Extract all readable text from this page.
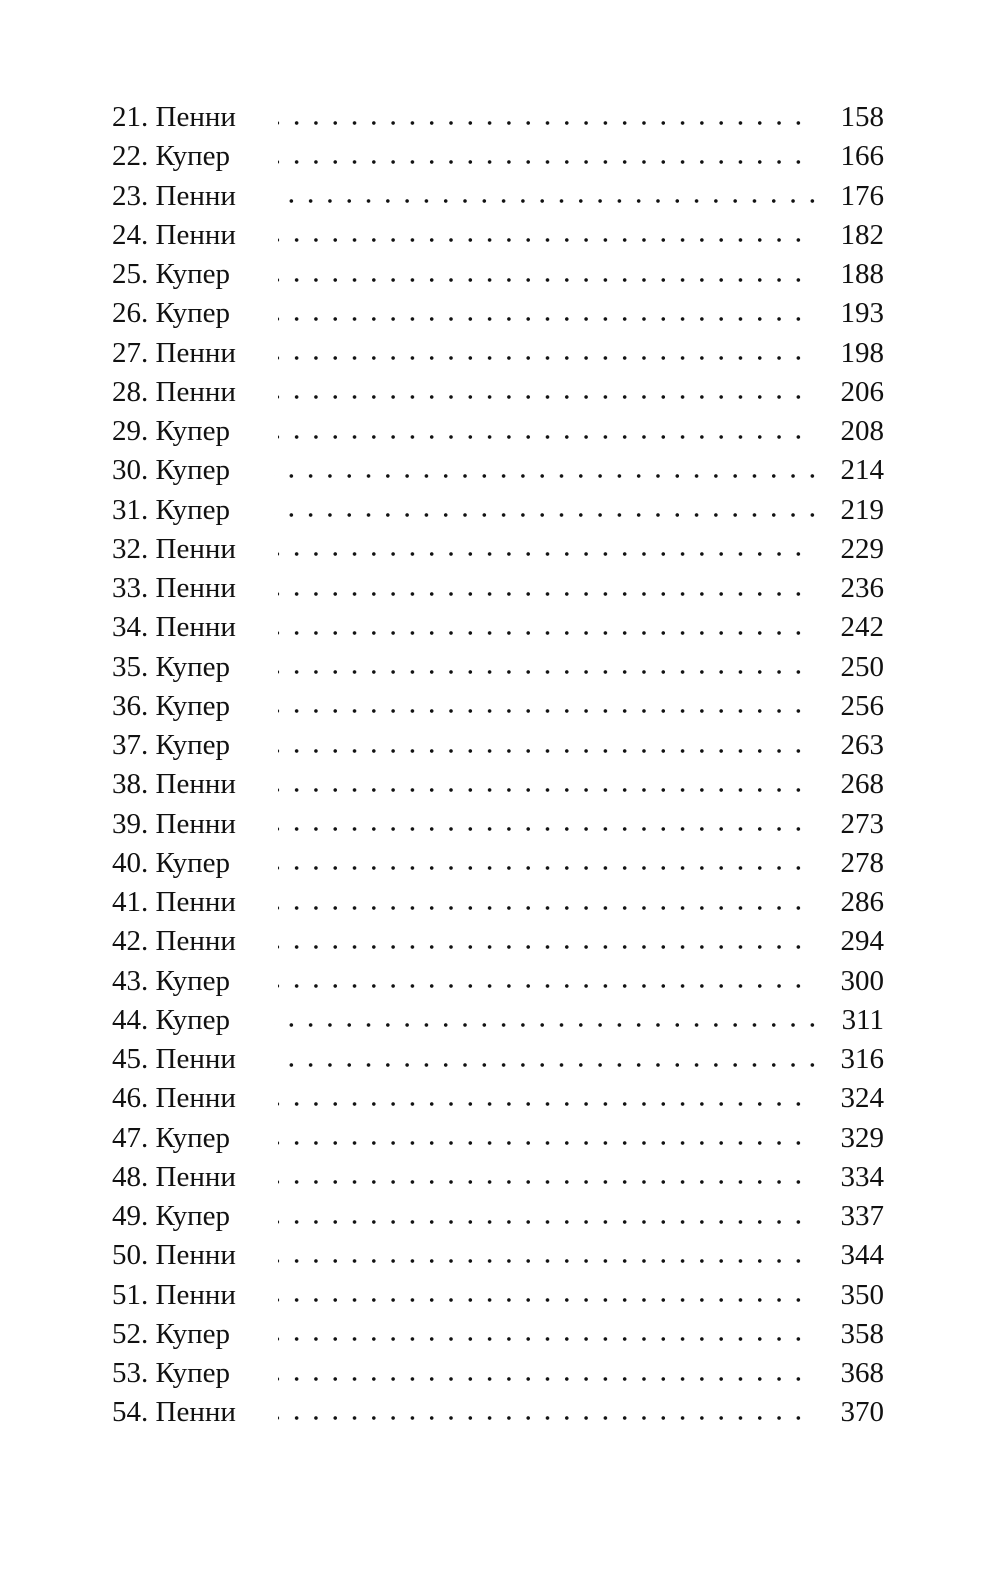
21. Пенни	158
22. Купер	166
23. Пенни	176
24. Пенни	182
25. Купер	188
26. Купер	193
27. Пенни	198
28. Пенни	206
29. Купер	208
30. Купер	214
31. Купер	219
32. Пенни	229
33. Пенни	236
34. Пенни	242
35. Купер	250
36. Купер	256
37. Купер	263
38. Пенни	268
39. Пенни	273
40. Купер	278
41. Пенни	286
42. Пенни	294
43. Купер	300
44. Купер	311
45. Пенни	316
46. Пенни	324
47. Купер	329
48. Пенни	334
49. Купер	337
50. Пенни	344
51. Пенни	350
52. Купер	358
53. Купер	368
54. Пенни	370
